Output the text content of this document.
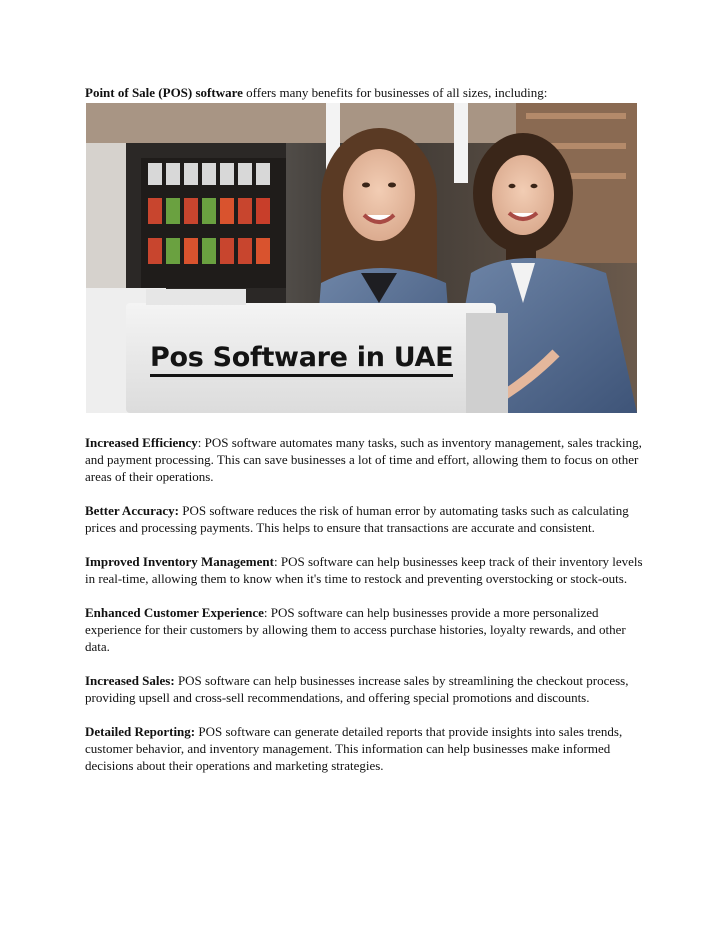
Point of Sale (POS) software offers many benefits for businesses of all sizes, including:

Pos Software in UAE

Increased Efficiency: POS software automates many tasks, such as inventory management, sales tracking, and payment processing. This can save businesses a lot of time and effort, allowing them to focus on other areas of their operations.

Better Accuracy: POS software reduces the risk of human error by automating tasks such as calculating prices and processing payments. This helps to ensure that transactions are accurate and consistent.

Improved Inventory Management: POS software can help businesses keep track of their inventory levels in real-time, allowing them to know when it's time to restock and preventing overstocking or stock-outs.

Enhanced Customer Experience: POS software can help businesses provide a more personalized experience for their customers by allowing them to access purchase histories, loyalty rewards, and other data.

Increased Sales: POS software can help businesses increase sales by streamlining the checkout process, providing upsell and cross-sell recommendations, and offering special promotions and discounts.

Detailed Reporting: POS software can generate detailed reports that provide insights into sales trends, customer behavior, and inventory management. This information can help businesses make informed decisions about their operations and marketing strategies.
